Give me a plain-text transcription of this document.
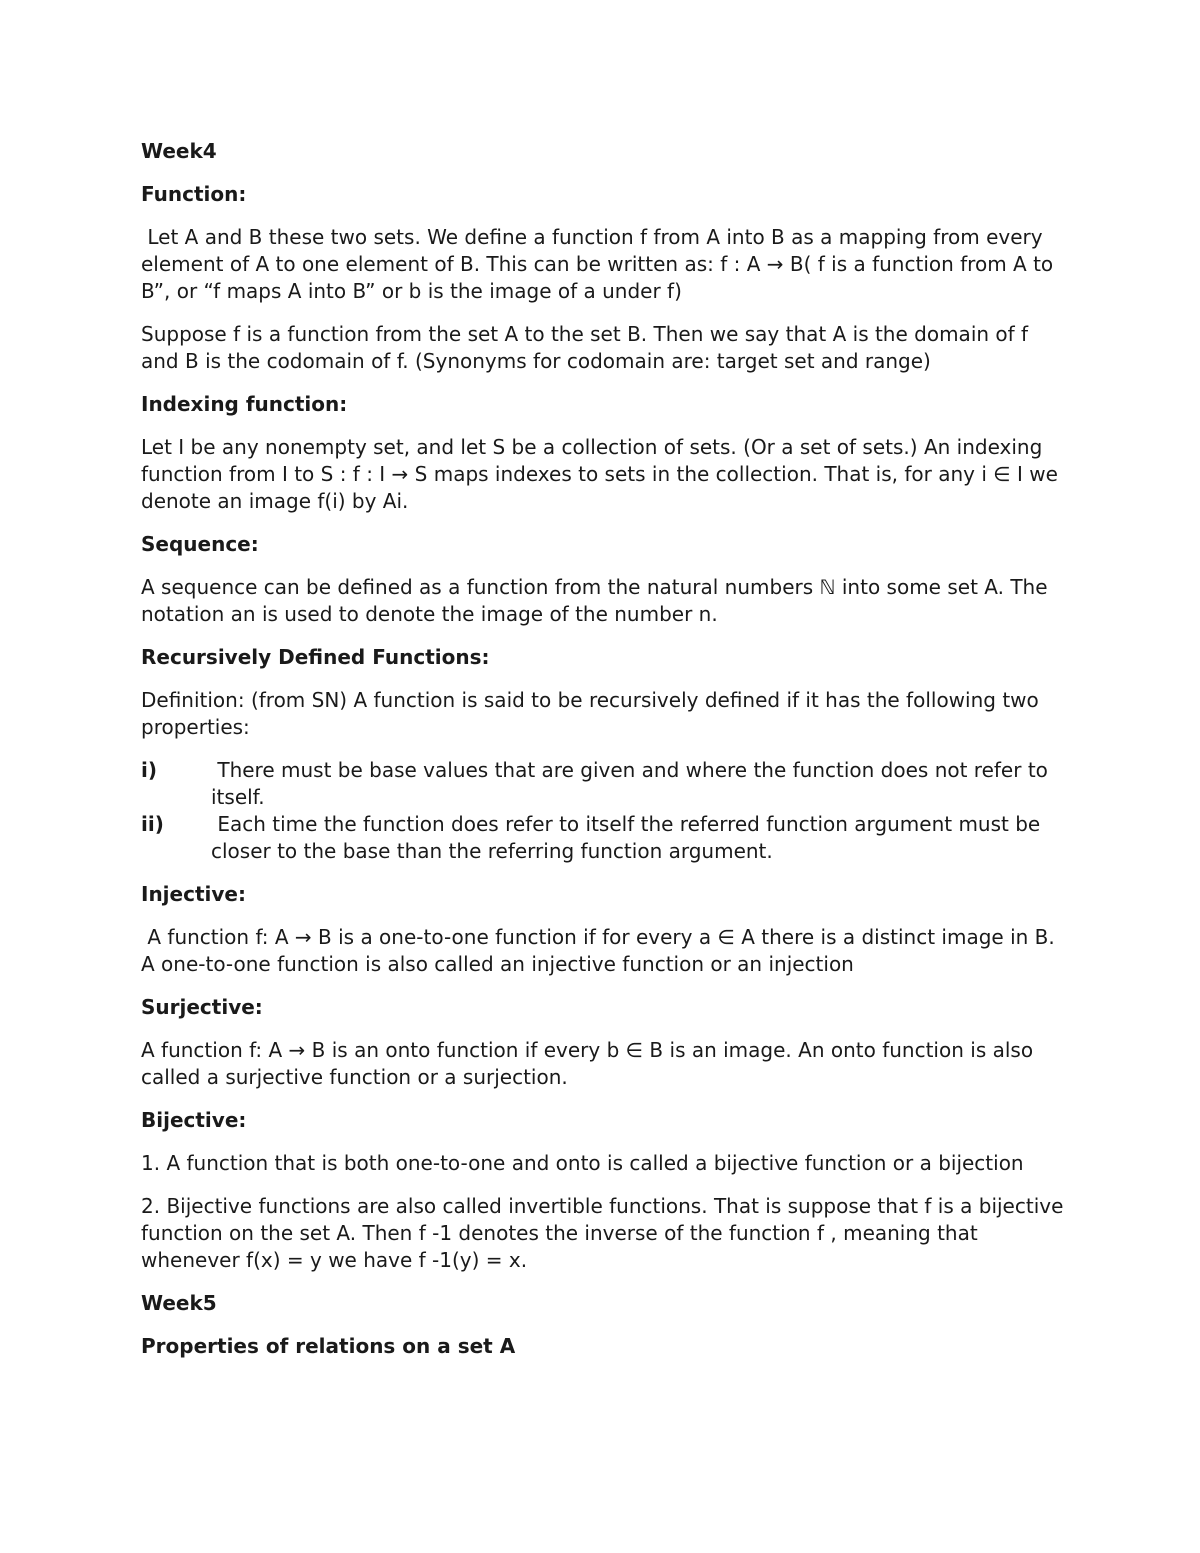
Week4
Function:
Let A and B these two sets. We define a function f from A into B as a mapping from every element of A to one element of B. This can be written as: f : A → B( f is a function from A to B”, or “f maps A into B” or b is the image of a under f)
Suppose f is a function from the set A to the set B. Then we say that A is the domain of f and B is the codomain of f. (Synonyms for codomain are: target set and range)
Indexing function:
Let I be any nonempty set, and let S be a collection of sets. (Or a set of sets.) An indexing function from I to S : f : I → S maps indexes to sets in the collection. That is, for any i ∈ I we denote an image f(i) by Ai.
Sequence:
A sequence can be defined as a function from the natural numbers ℕ into some set A. The notation an is used to denote the image of the number n.
Recursively Defined Functions:
Definition: (from SN) A function is said to be recursively defined if it has the following two properties:
i)	There must be base values that are given and where the function does not refer to itself.
ii) Each time the function does refer to itself the referred function argument must be closer to the base than the referring function argument.
Injective:
A function f: A → B is a one-to-one function if for every a ∈ A there is a distinct image in B. A one-to-one function is also called an injective function or an injection
Surjective:
A function f: A → B is an onto function if every b ∈ B is an image. An onto function is also called a surjective function or a surjection.
Bijective:
1. A function that is both one-to-one and onto is called a bijective function or a bijection
2. Bijective functions are also called invertible functions. That is suppose that f is a bijective function on the set A. Then f -1 denotes the inverse of the function f , meaning that whenever f(x) = y we have f -1(y) = x.
Week5
Properties of relations on a set A
